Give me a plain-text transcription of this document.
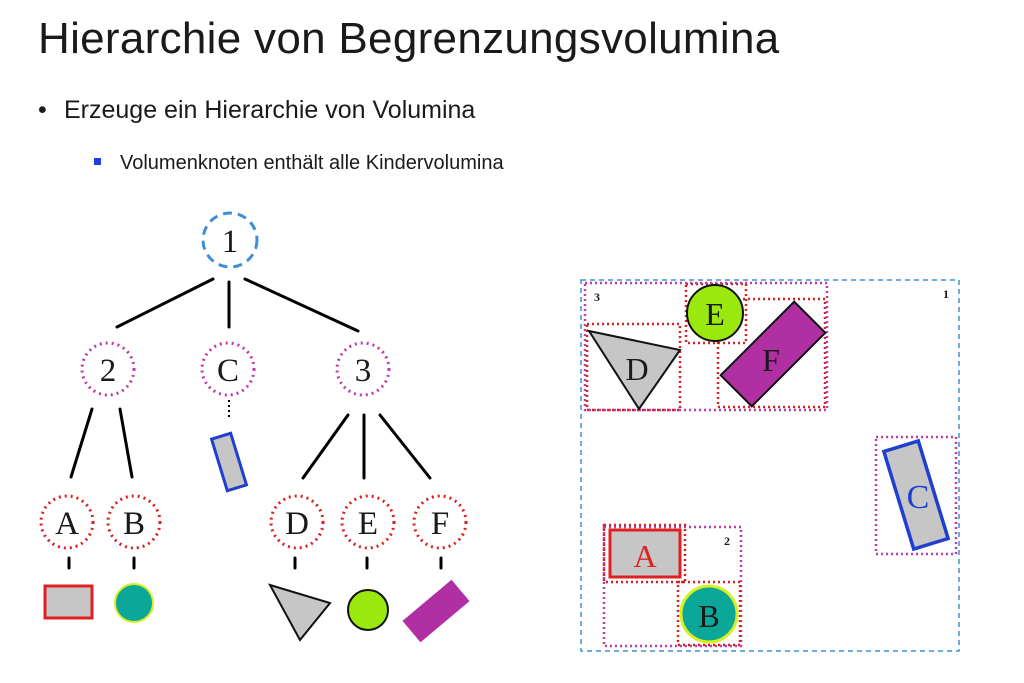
Hierarchie von Begrenzungsvolumina
• Erzeuge ein Hierarchie von Volumina
Volumenknoten enthält alle Kindervolumina
1
2	C	3
A B	D E F
A
B
C
D
E
F
1
2
3
